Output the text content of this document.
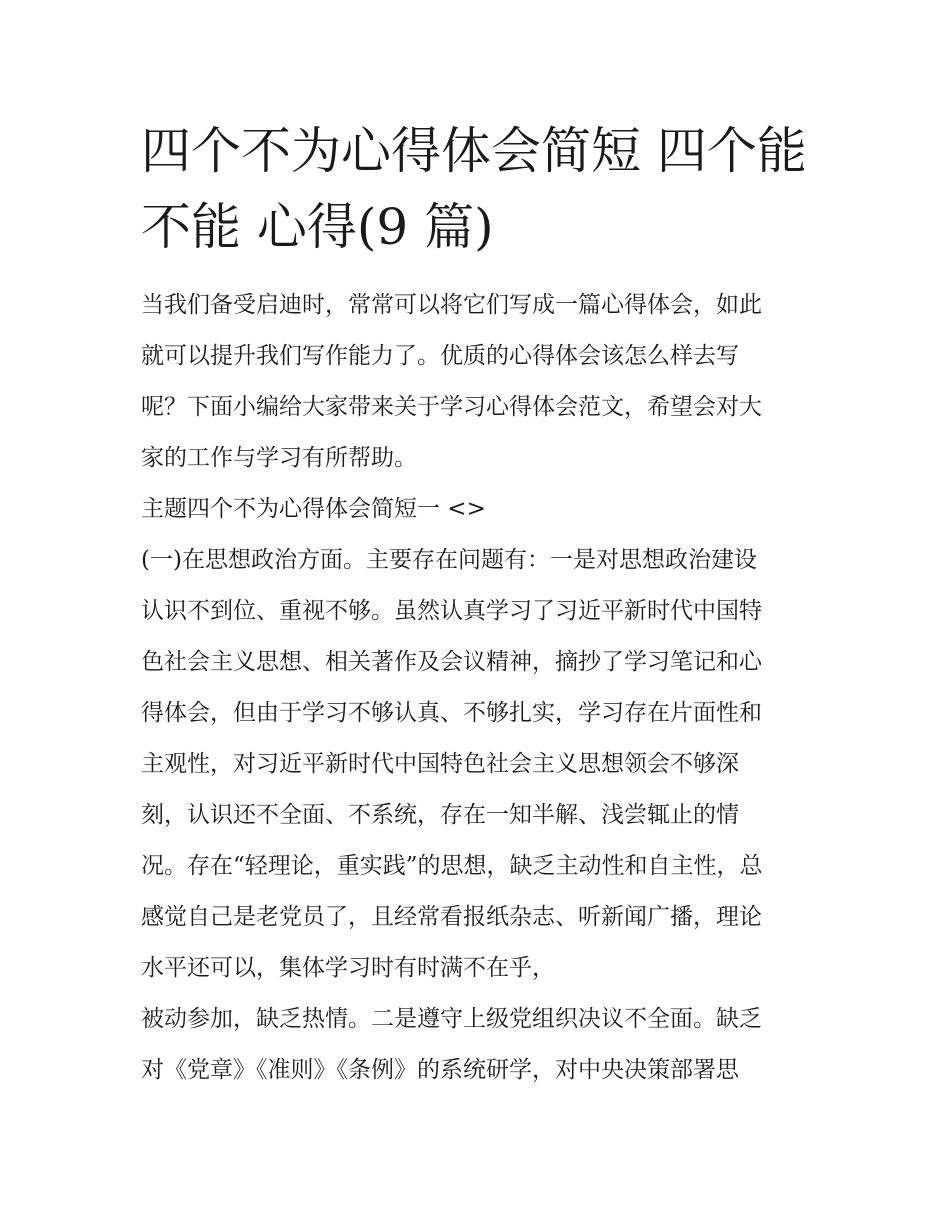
四个不为心得体会简短 四个能
不能 心得(9 篇)
当我们备受启迪时，常常可以将它们写成一篇心得体会，如此
就可以提升我们写作能力了。优质的心得体会该怎么样去写
呢？下面小编给大家带来关于学习心得体会范文，希望会对大
家的工作与学习有所帮助。
主题四个不为心得体会简短一 <>
(一)在思想政治方面。主要存在问题有：一是对思想政治建设
认识不到位、重视不够。虽然认真学习了习近平新时代中国特
色社会主义思想、相关著作及会议精神，摘抄了学习笔记和心
得体会，但由于学习不够认真、不够扎实，学习存在片面性和
主观性，对习近平新时代中国特色社会主义思想领会不够深
刻，认识还不全面、不系统，存在一知半解、浅尝辄止的情
况。存在“轻理论，重实践”的思想，缺乏主动性和自主性，总
感觉自己是老党员了，且经常看报纸杂志、听新闻广播，理论
水平还可以，集体学习时有时满不在乎，
被动参加，缺乏热情。二是遵守上级党组织决议不全面。缺乏
对《党章》《准则》《条例》的系统研学，对中央决策部署思
